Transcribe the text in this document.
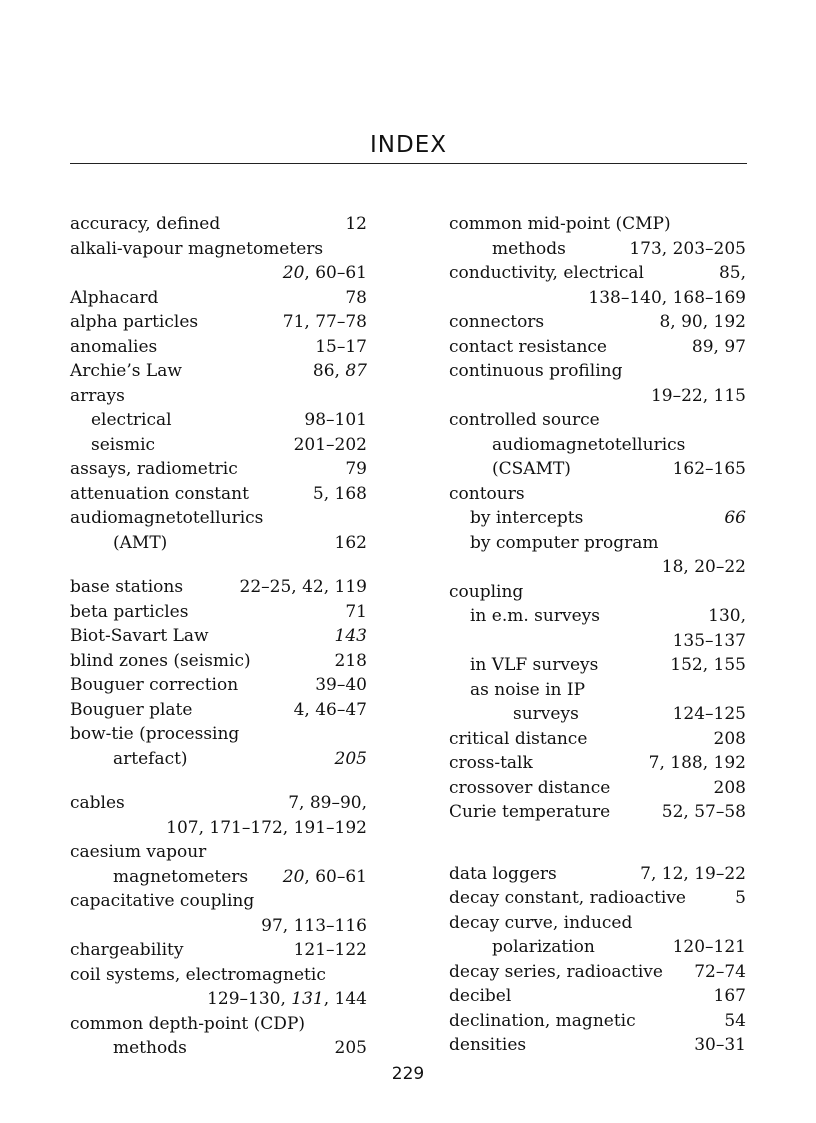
INDEX
accuracy, defined	12
alkali-vapour magnetometers
20, 60–61
Alphacard	78
alpha particles	71, 77–78
anomalies	15–17
Archie’s Law	86, 87
arrays
electrical	98–101
seismic	201–202
assays, radiometric	79
attenuation constant	5, 168
audiomagnetotellurics
(AMT)	162
base stations	22–25, 42, 119
beta particles	71
Biot-Savart Law	143
blind zones (seismic)	218
Bouguer correction	39–40
Bouguer plate	4, 46–47
bow-tie (processing
artefact)	205
cables	7, 89–90,
107, 171–172, 191–192
caesium vapour
magnetometers 20, 60–61
capacitative coupling
97, 113–116
chargeability	121–122
coil systems, electromagnetic
129–130, 131, 144
common depth-point (CDP)
methods	205
common mid-point (CMP)
methods	173, 203–205
conductivity, electrical	85,
138–140, 168–169
connectors	8, 90, 192
contact resistance	89, 97
continuous profiling
19–22, 115
controlled source
audiomagnetotellurics
(CSAMT)	162–165
contours
by intercepts	66
by computer program
18, 20–22
coupling
in e.m. surveys	130,
135–137
in VLF surveys	152, 155
as noise in IP
surveys	124–125
critical distance	208
cross-talk	7, 188, 192
crossover distance	208
Curie temperature	52, 57–58
data loggers	7, 12, 19–22
decay constant, radioactive	5
decay curve, induced
polarization	120–121
decay series, radioactive 72–74
decibel	167
declination, magnetic	54
densities	30–31
229
